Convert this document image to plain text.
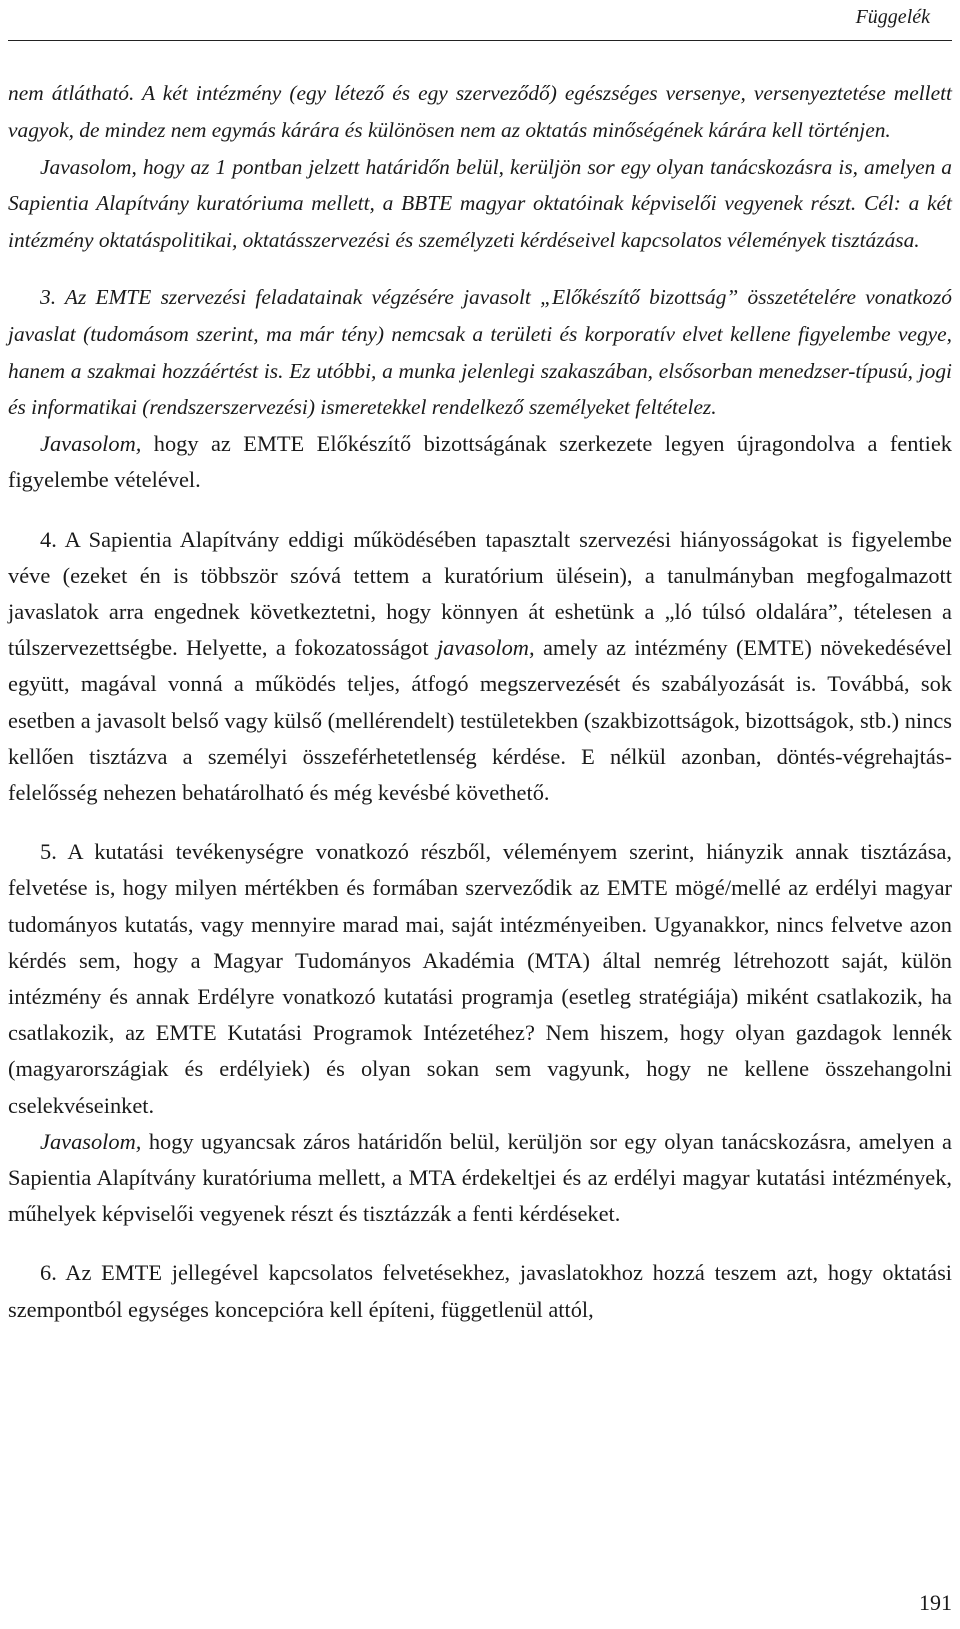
Függelék

nem átlátható. A két intézmény (egy létező és egy szerveződő) egészséges versenye, versenyeztetése mellett vagyok, de mindez nem egymás kárára és különösen nem az oktatás minőségének kárára kell történjen.

Javasolom, hogy az 1 pontban jelzett határidőn belül, kerüljön sor egy olyan tanácskozásra is, amelyen a Sapientia Alapítvány kuratóriuma mellett, a BBTE magyar oktatóinak képviselői vegyenek részt. Cél: a két intézmény oktatáspolitikai, oktatásszervezési és személyzeti kérdéseivel kapcsolatos vélemények tisztázása.

3. Az EMTE szervezési feladatainak végzésére javasolt „Előkészítő bizottság” összetételére vonatkozó javaslat (tudomásom szerint, ma már tény) nemcsak a területi és korporatív elvet kellene figyelembe vegye, hanem a szakmai hozzáértést is. Ez utóbbi, a munka jelenlegi szakaszában, elsősorban menedzser-típusú, jogi és informatikai (rendszerszervezési) ismeretekkel rendelkező személyeket feltételez.

Javasolom, hogy az EMTE Előkészítő bizottságának szerkezete legyen újragondolva a fentiek figyelembe vételével.

4. A Sapientia Alapítvány eddigi működésében tapasztalt szervezési hiányosságokat is figyelembe véve (ezeket én is többször szóvá tettem a kuratórium ülésein), a tanulmányban megfogalmazott javaslatok arra engednek következtetni, hogy könnyen át eshetünk a „ló túlsó oldalára”, tételesen a túlszervezettségbe. Helyette, a fokozatosságot javasolom, amely az intézmény (EMTE) növekedésével együtt, magával vonná a működés teljes, átfogó megszervezését és szabályozását is. Továbbá, sok esetben a javasolt belső vagy külső (mellérendelt) testületekben (szakbizottságok, bizottságok, stb.) nincs kellően tisztázva a személyi összeférhetetlenség kérdése. E nélkül azonban, döntés-végrehajtás-felelősség nehezen behatárolható és még kevésbé követhető.

5. A kutatási tevékenységre vonatkozó részből, véleményem szerint, hiányzik annak tisztázása, felvetése is, hogy milyen mértékben és formában szerveződik az EMTE mögé/mellé az erdélyi magyar tudományos kutatás, vagy mennyire marad mai, saját intézményeiben. Ugyanakkor, nincs felvetve azon kérdés sem, hogy a Magyar Tudományos Akadémia (MTA) által nemrég létrehozott saját, külön intézmény és annak Erdélyre vonatkozó kutatási programja (esetleg stratégiája) miként csatlakozik, ha csatlakozik, az EMTE Kutatási Programok Intézetéhez? Nem hiszem, hogy olyan gazdagok lennék (magyarországiak és erdélyiek) és olyan sokan sem vagyunk, hogy ne kellene összehangolni cselekvéseinket.

Javasolom, hogy ugyancsak záros határidőn belül, kerüljön sor egy olyan tanácskozásra, amelyen a Sapientia Alapítvány kuratóriuma mellett, a MTA érdekeltjei és az erdélyi magyar kutatási intézmények, műhelyek képviselői vegyenek részt és tisztázzák a fenti kérdéseket.

6. Az EMTE jellegével kapcsolatos felvetésekhez, javaslatokhoz hozzá teszem azt, hogy oktatási szempontból egységes koncepcióra kell építeni, függetlenül attól,

191
